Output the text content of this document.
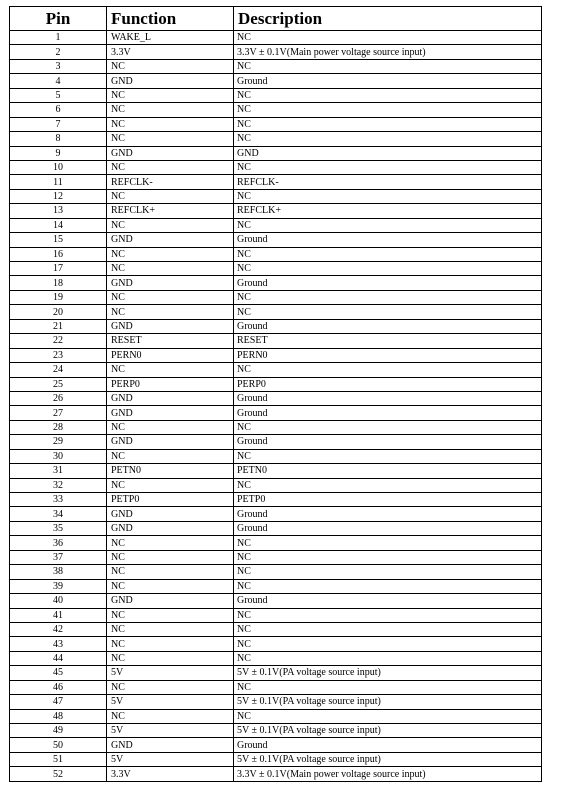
Pin	Function	Description
1	WAKE_L	NC
2	3.3V	3.3V ± 0.1V(Main power voltage source input)
3	NC	NC
4	GND	Ground
5	NC	NC
6	NC	NC
7	NC	NC
8	NC	NC
9	GND	GND
10	NC	NC
11	REFCLK-	REFCLK-
12	NC	NC
13	REFCLK+	REFCLK+
14	NC	NC
15	GND	Ground
16	NC	NC
17	NC	NC
18	GND	Ground
19	NC	NC
20	NC	NC
21	GND	Ground
22	RESET	RESET
23	PERN0	PERN0
24	NC	NC
25	PERP0	PERP0
26	GND	Ground
27	GND	Ground
28	NC	NC
29	GND	Ground
30	NC	NC
31	PETN0	PETN0
32	NC	NC
33	PETP0	PETP0
34	GND	Ground
35	GND	Ground
36	NC	NC
37	NC	NC
38	NC	NC
39	NC	NC
40	GND	Ground
41	NC	NC
42	NC	NC
43	NC	NC
44	NC	NC
45	5V	5V ± 0.1V(PA voltage source input)
46	NC	NC
47	5V	5V ± 0.1V(PA voltage source input)
48	NC	NC
49	5V	5V ± 0.1V(PA voltage source input)
50	GND	Ground
51	5V	5V ± 0.1V(PA voltage source input)
52	3.3V	3.3V ± 0.1V(Main power voltage source input)
